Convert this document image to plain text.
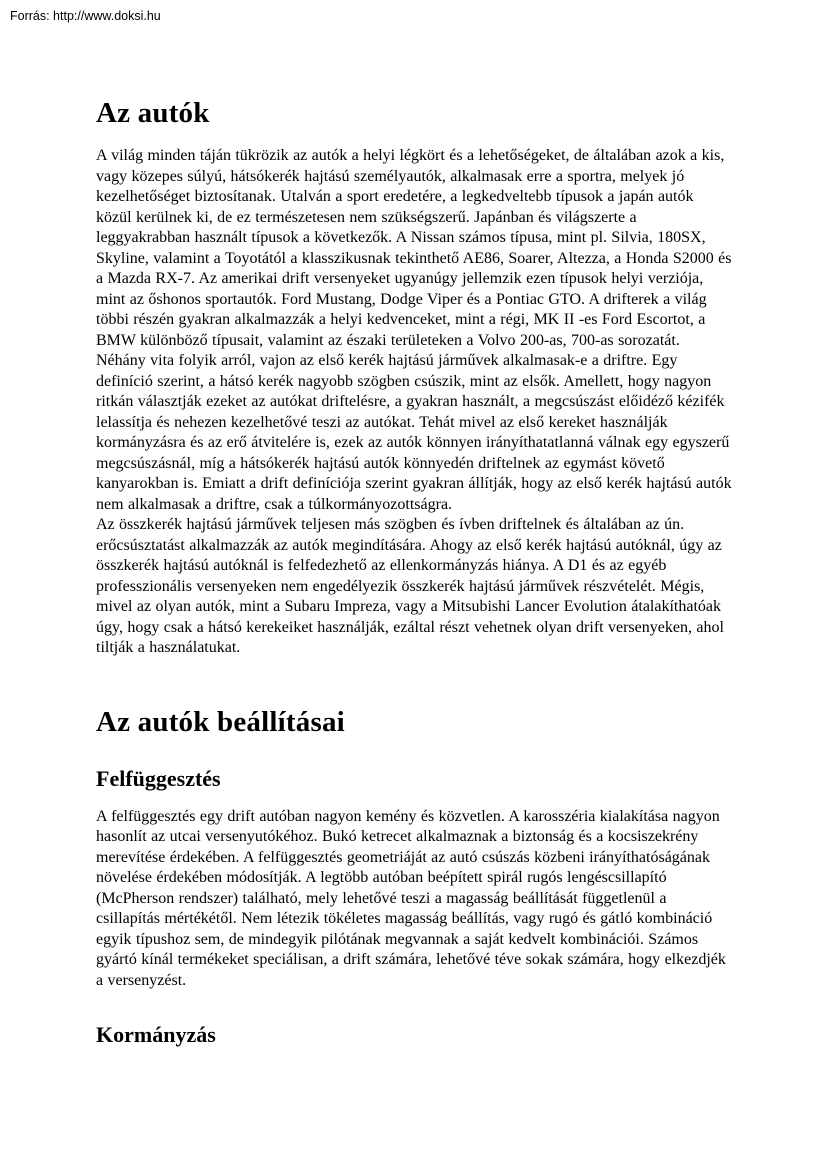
Forrás: http://www.doksi.hu
Az autók

A világ minden táján tükrözik az autók a helyi légkört és a lehetőségeket, de általában azok a kis, vagy közepes súlyú, hátsókerék hajtású személyautók, alkalmasak erre a sportra, melyek jó kezelhetőséget biztosítanak. Utalván a sport eredetére, a legkedveltebb típusok a japán autók közül kerülnek ki, de ez természetesen nem szükségszerű. Japánban és világszerte a leggyakrabban használt típusok a következők. A Nissan számos típusa, mint pl. Silvia, 180SX, Skyline, valamint a Toyotától a klasszikusnak tekinthető AE86, Soarer, Altezza, a Honda S2000 és a Mazda RX-7. Az amerikai drift versenyeket ugyanúgy jellemzik ezen típusok helyi verziója, mint az őshonos sportautók. Ford Mustang, Dodge Viper és a Pontiac GTO. A drifterek a világ többi részén gyakran alkalmazzák a helyi kedvenceket, mint a régi, MK II -es Ford Escortot, a BMW különböző típusait, valamint az északi területeken a Volvo 200-as, 700-as sorozatát.

Néhány vita folyik arról, vajon az első kerék hajtású járművek alkalmasak-e a driftre. Egy definíció szerint, a hátsó kerék nagyobb szögben csúszik, mint az elsők. Amellett, hogy nagyon ritkán választják ezeket az autókat driftelésre, a gyakran használt, a megcsúszást előidéző kézifék lelassítja és nehezen kezelhetővé teszi az autókat. Tehát mivel az első kereket használják kormányzásra és az erő átvitelére is, ezek az autók könnyen irányíthatatlanná válnak egy egyszerű megcsúszásnál, míg a hátsókerék hajtású autók könnyedén driftelnek az egymást követő kanyarokban is. Emiatt a drift definíciója szerint gyakran állítják, hogy az első kerék hajtású autók nem alkalmasak a driftre, csak a túlkormányozottságra.

Az összkerék hajtású járművek teljesen más szögben és ívben driftelnek és általában az ún. erőcsúsztatást alkalmazzák az autók megindítására. Ahogy az első kerék hajtású autóknál, úgy az összkerék hajtású autóknál is felfedezhető az ellenkormányzás hiánya. A D1 és az egyéb professzionális versenyeken nem engedélyezik összkerék hajtású járművek részvételét. Mégis, mivel az olyan autók, mint a Subaru Impreza, vagy a Mitsubishi Lancer Evolution átalakíthatóak úgy, hogy csak a hátsó kerekeiket használják, ezáltal részt vehetnek olyan drift versenyeken, ahol tiltják a használatukat.

Az autók beállításai
Felfüggesztés

A felfüggesztés egy drift autóban nagyon kemény és közvetlen. A karosszéria kialakítása nagyon hasonlít az utcai versenyutókéhoz. Bukó ketrecet alkalmaznak a biztonság és a kocsiszekrény merevítése érdekében. A felfüggesztés geometriáját az autó csúszás közbeni irányíthatóságának növelése érdekében módosítják. A legtöbb autóban beépített spirál rugós lengéscsillapító (McPherson rendszer) található, mely lehetővé teszi a magasság beállítását függetlenül a csillapítás mértékétől. Nem létezik tökéletes magasság beállítás, vagy rugó és gátló kombináció egyik típushoz sem, de mindegyik pilótának megvannak a saját kedvelt kombinációi. Számos gyártó kínál termékeket speciálisan, a drift számára, lehetővé téve sokak számára, hogy elkezdjék a versenyzést.

Kormányzás
